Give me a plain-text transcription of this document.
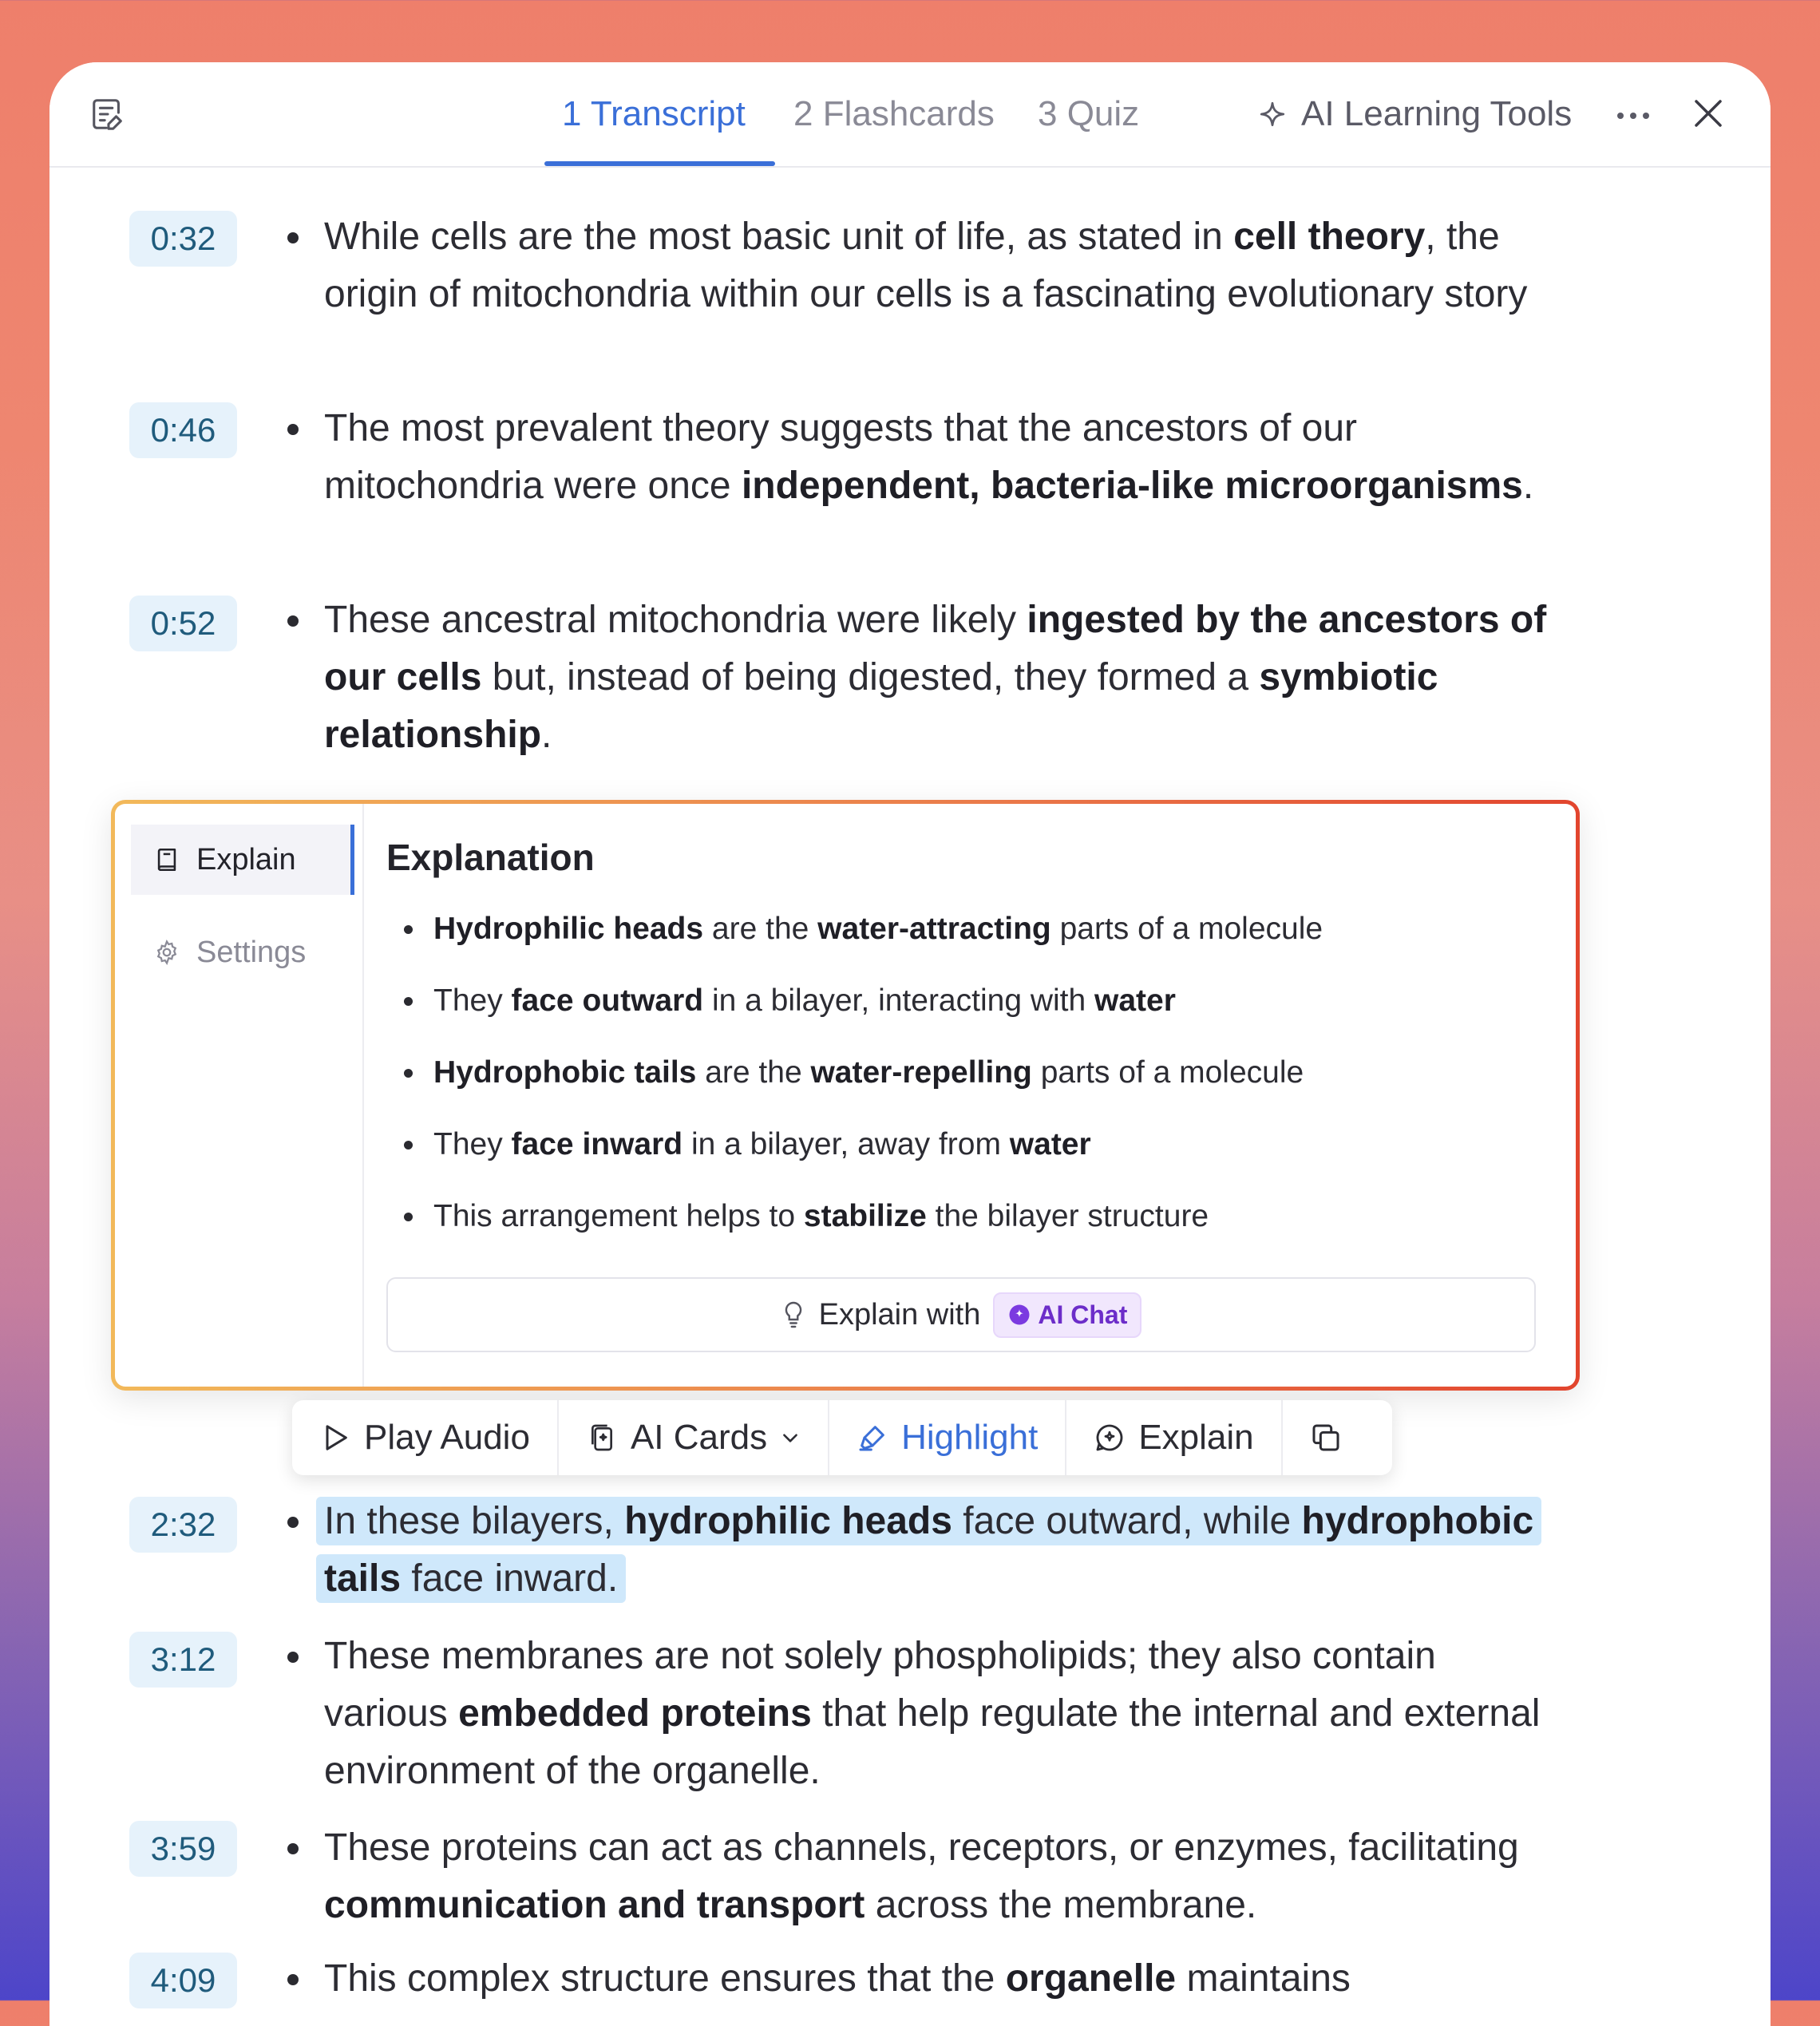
1 Transcript 2 Flashcards 3 Quiz	AI Learning Tools
0:32	While cells are the most basic unit of life, as stated in cell theory, the origin of mitochondria within our cells is a fascinating evolutionary story
0:46	The most prevalent theory suggests that the ancestors of our mitochondria were once independent, bacteria-like microorganisms.
0:52	These ancestral mitochondria were likely ingested by the ancestors of our cells but, instead of being digested, they formed a symbiotic relationship.
2:32	In these bilayers, hydrophilic heads face outward, while hydrophobic tails face inward.
3:12	These membranes are not solely phospholipids; they also contain various embedded proteins that help regulate the internal and external environment of the organelle.
3:59	These proteins can act as channels, receptors, or enzymes, facilitating communication and transport across the membrane.
4:09	This complex structure ensures that the organelle maintains
Explain
Settings
Explanation
Hydrophilic heads are the water-attracting parts of a molecule
They face outward in a bilayer, interacting with water
Hydrophobic tails are the water-repelling parts of a molecule
They face inward in a bilayer, away from water
This arrangement helps to stabilize the bilayer structure
Explain with AI Chat
Play Audio	AI Cards	Highlight	Explain
